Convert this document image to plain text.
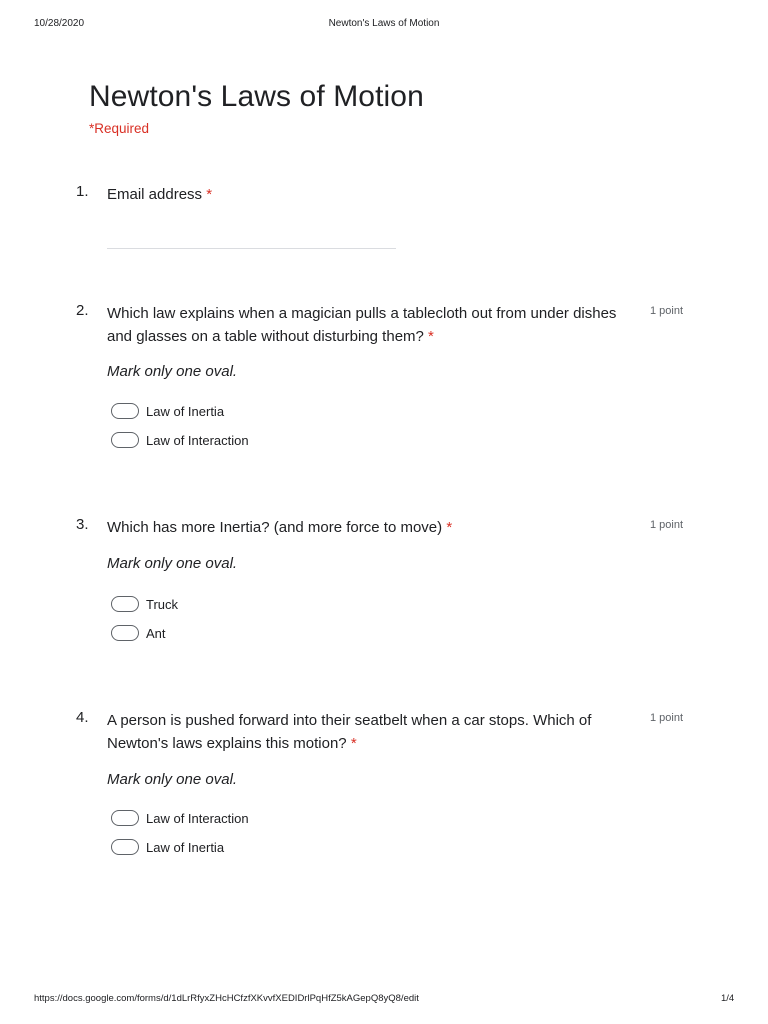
10/28/2020	Newton's Laws of Motion
Newton's Laws of Motion
*Required
1. Email address *
2. Which law explains when a magician pulls a tablecloth out from under dishes and glasses on a table without disturbing them? *
1 point
Mark only one oval.
Law of Inertia
Law of Interaction
3. Which has more Inertia? (and more force to move) *	1 point
Mark only one oval.
Truck
Ant
4. A person is pushed forward into their seatbelt when a car stops. Which of Newton's laws explains this motion? *
1 point
Mark only one oval.
Law of Interaction
Law of Inertia
https://docs.google.com/forms/d/1dLrRfyxZHcHCfzfXKvvfXEDIDrlPqHfZ5kAGepQ8yQ8/edit	1/4
